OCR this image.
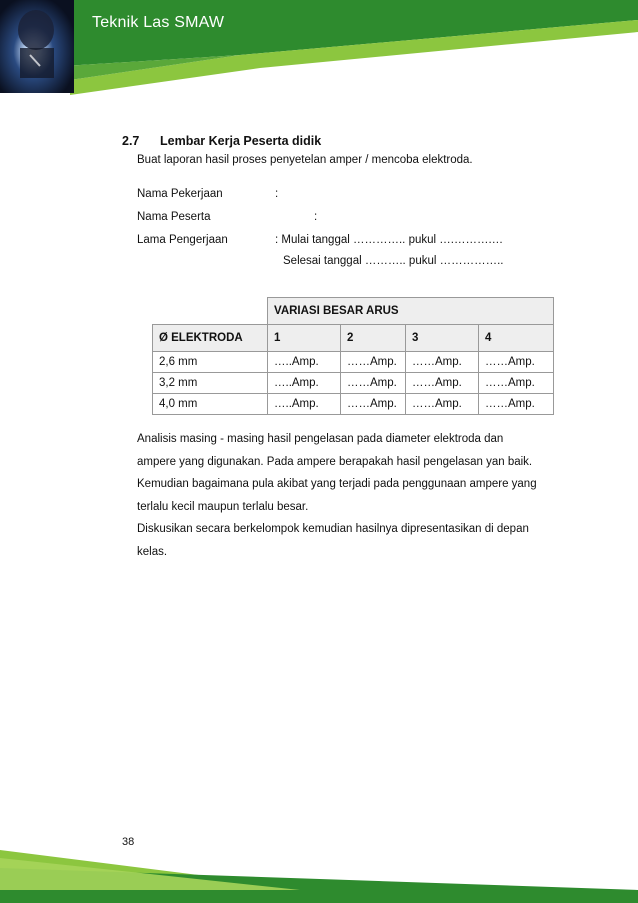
Teknik Las SMAW
2.7 Lembar Kerja Peserta didik
Buat laporan hasil proses penyetelan amper / mencoba elektroda.
Nama Pekerjaan	:
Nama Peserta	:
Lama Pengerjaan	: Mulai tanggal ………….. pukul ….……….…
Selesai tanggal ……….. pukul ……………..
	VARIASI BESAR ARUS			
Ø ELEKTRODA	1	2	3	4
2,6 mm	…..Amp.	……Amp.	……Amp.	……Amp.
3,2 mm	…..Amp.	……Amp.	……Amp.	……Amp.
4,0 mm	…..Amp.	……Amp.	……Amp.	……Amp.
Analisis masing - masing hasil pengelasan pada diameter elektroda dan
ampere yang digunakan. Pada ampere berapakah hasil pengelasan yan baik.
Kemudian bagaimana pula akibat yang terjadi pada penggunaan ampere yang
terlalu kecil maupun terlalu besar.
Diskusikan secara berkelompok kemudian hasilnya dipresentasikan di depan
kelas.
38
